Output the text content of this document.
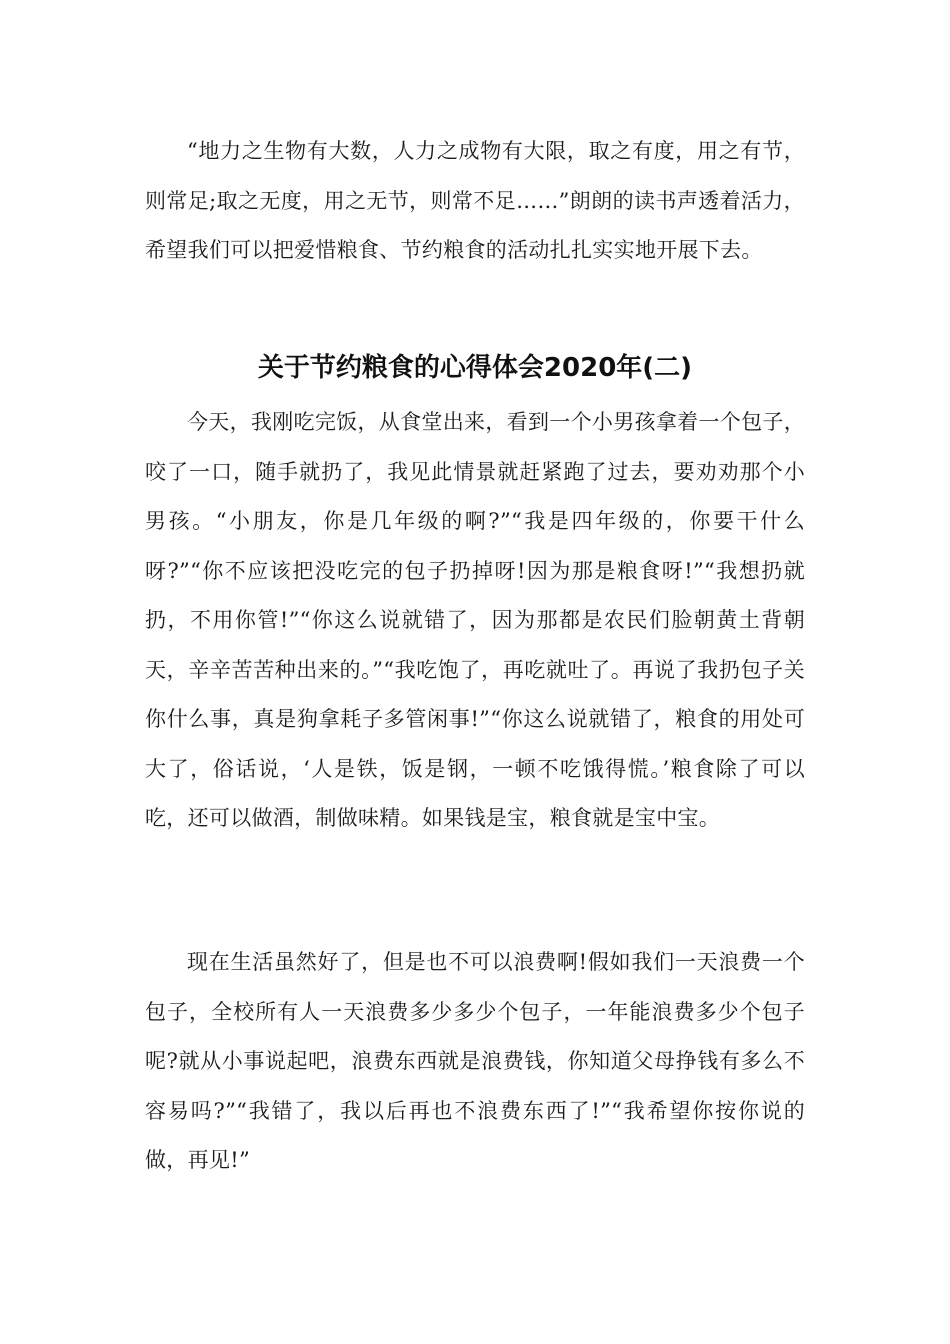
“地力之生物有大数，人力之成物有大限，取之有度，用之有节，则常足;取之无度，用之无节，则常不足……”朗朗的读书声透着活力，希望我们可以把爱惜粮食、节约粮食的活动扎扎实实地开展下去。

关于节约粮食的心得体会2020年(二)

今天，我刚吃完饭，从食堂出来，看到一个小男孩拿着一个包子，咬了一口，随手就扔了，我见此情景就赶紧跑了过去，要劝劝那个小男孩。“小朋友，你是几年级的啊?”“我是四年级的，你要干什么呀?”“你不应该把没吃完的包子扔掉呀!因为那是粮食呀!”“我想扔就扔，不用你管!”“你这么说就错了，因为那都是农民们脸朝黄土背朝天，辛辛苦苦种出来的。”“我吃饱了，再吃就吐了。再说了我扔包子关你什么事，真是狗拿耗子多管闲事!”“你这么说就错了，粮食的用处可大了，俗话说，‘人是铁，饭是钢，一顿不吃饿得慌。’粮食除了可以吃，还可以做酒，制做味精。如果钱是宝，粮食就是宝中宝。

现在生活虽然好了，但是也不可以浪费啊!假如我们一天浪费一个包子，全校所有人一天浪费多少多少个包子，一年能浪费多少个包子呢?就从小事说起吧，浪费东西就是浪费钱，你知道父母挣钱有多么不容易吗?”“我错了，我以后再也不浪费东西了!”“我希望你按你说的做，再见!”
